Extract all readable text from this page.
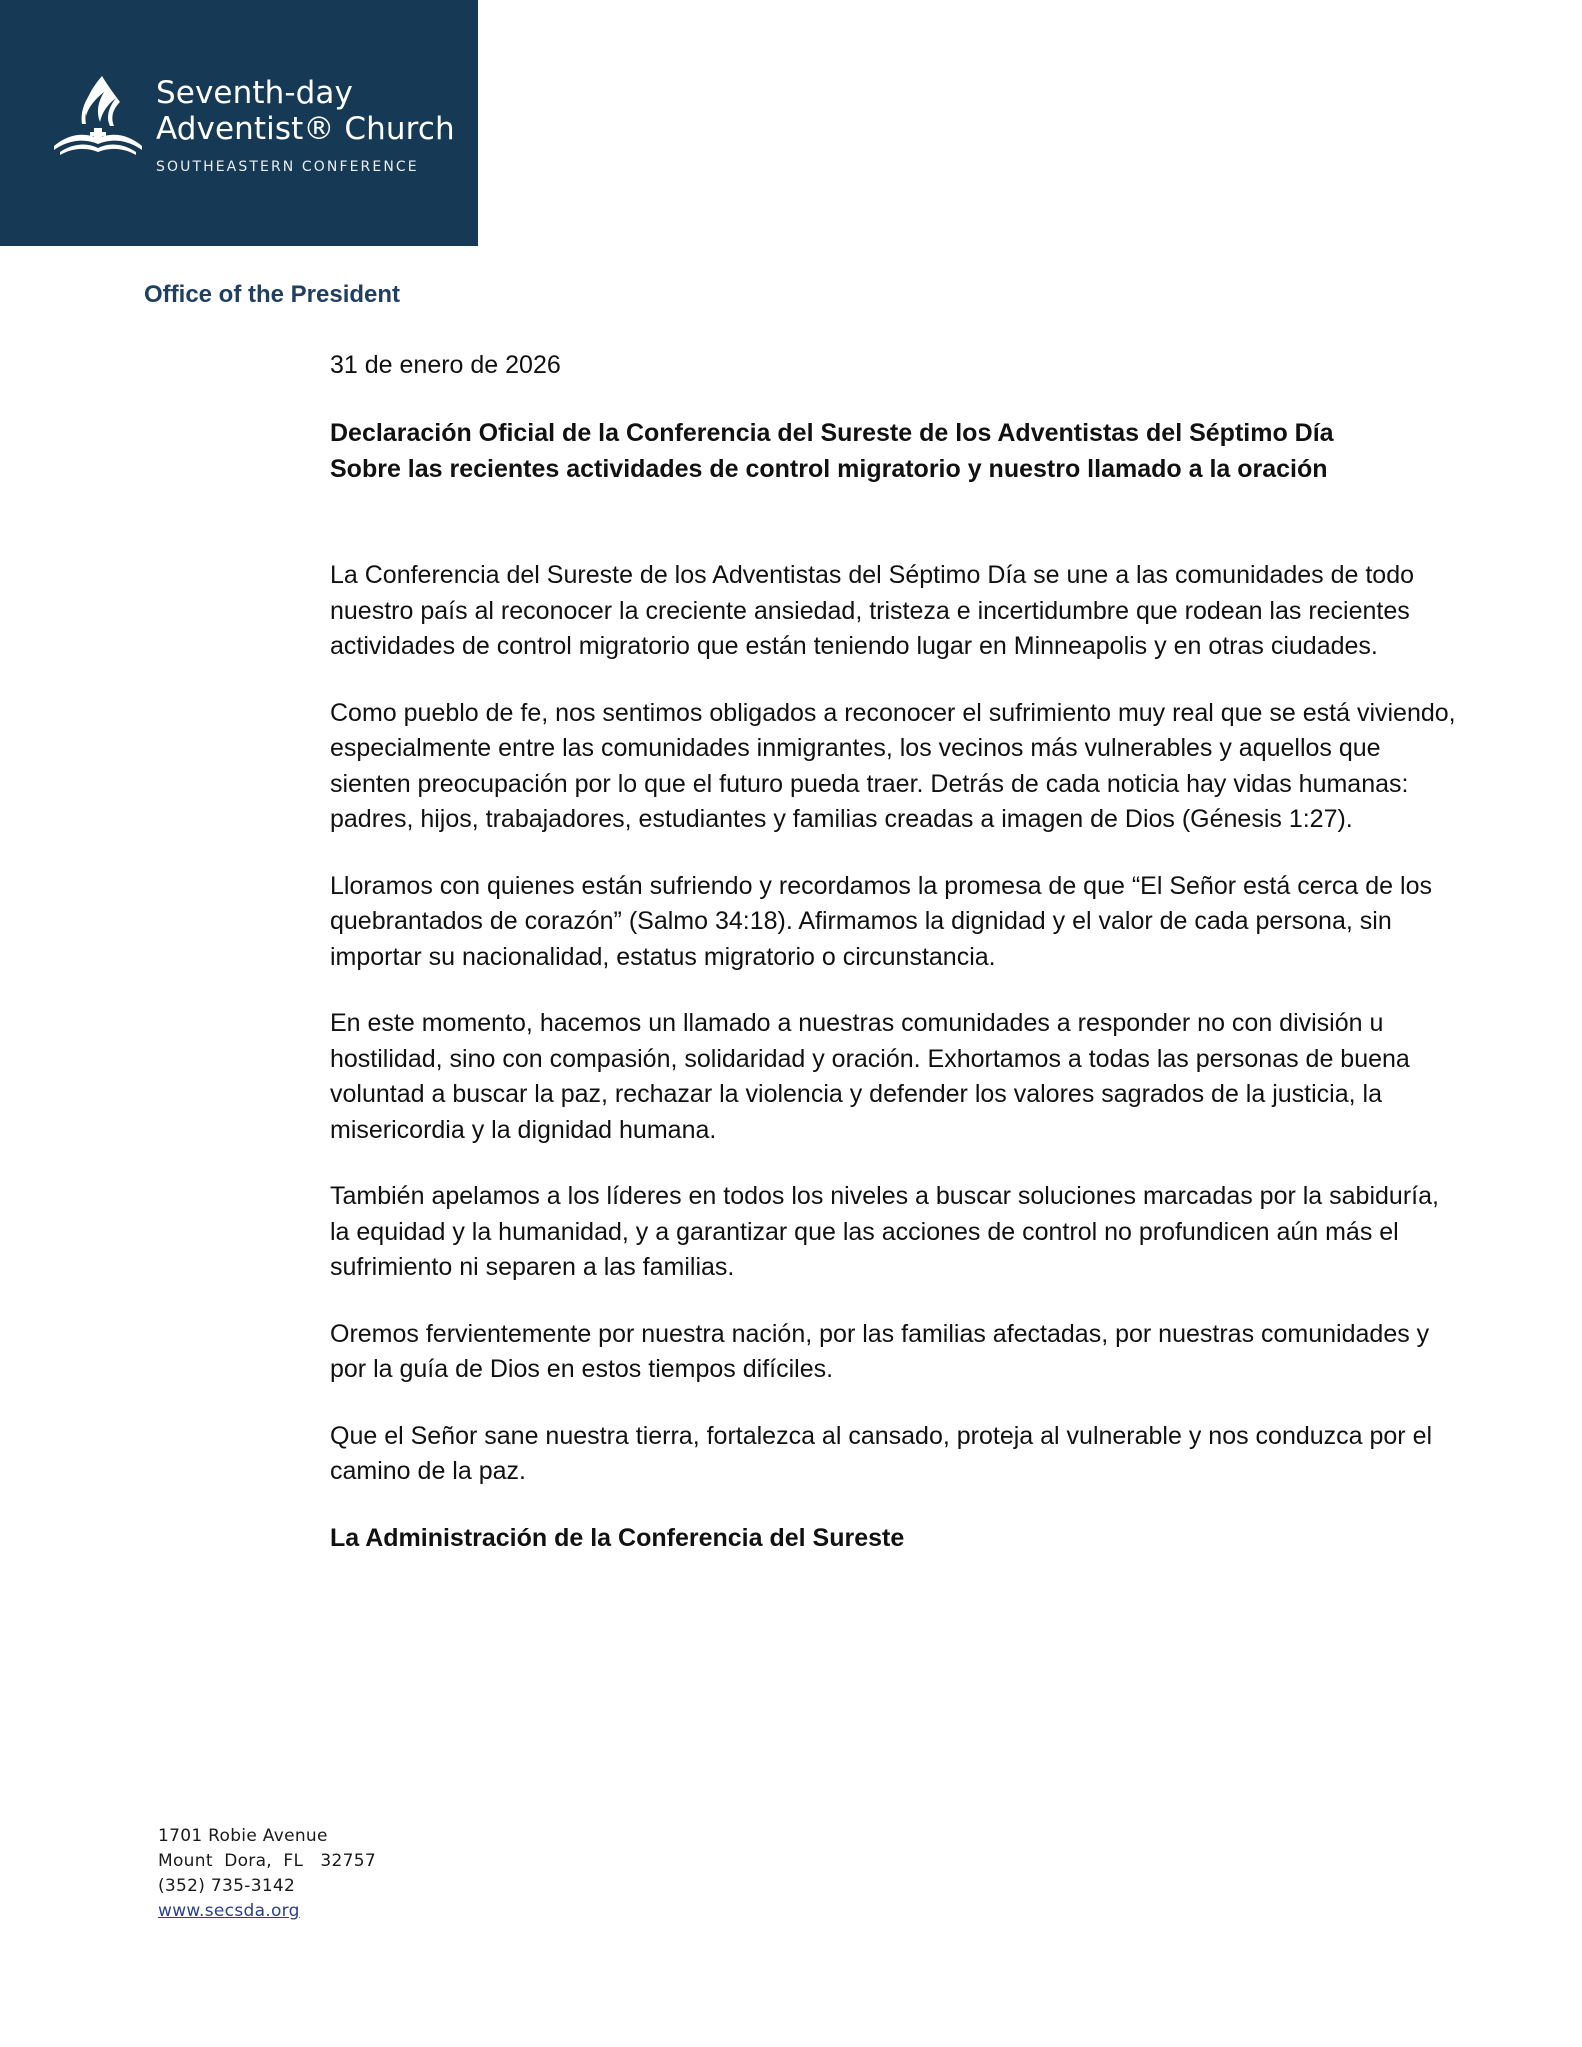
Seventh-day
Adventist® Church
SOUTHEASTERN CONFERENCE
Office of the President
31 de enero de 2026
Declaración Oficial de la Conferencia del Sureste de los Adventistas del Séptimo Día
Sobre las recientes actividades de control migratorio y nuestro llamado a la oración

La Conferencia del Sureste de los Adventistas del Séptimo Día se une a las comunidades de todo nuestro país al reconocer la creciente ansiedad, tristeza e incertidumbre que rodean las recientes actividades de control migratorio que están teniendo lugar en Minneapolis y en otras ciudades.

Como pueblo de fe, nos sentimos obligados a reconocer el sufrimiento muy real que se está viviendo, especialmente entre las comunidades inmigrantes, los vecinos más vulnerables y aquellos que sienten preocupación por lo que el futuro pueda traer. Detrás de cada noticia hay vidas humanas: padres, hijos, trabajadores, estudiantes y familias creadas a imagen de Dios (Génesis 1:27).

Lloramos con quienes están sufriendo y recordamos la promesa de que “El Señor está cerca de los quebrantados de corazón” (Salmo 34:18). Afirmamos la dignidad y el valor de cada persona, sin importar su nacionalidad, estatus migratorio o circunstancia.

En este momento, hacemos un llamado a nuestras comunidades a responder no con división u hostilidad, sino con compasión, solidaridad y oración. Exhortamos a todas las personas de buena voluntad a buscar la paz, rechazar la violencia y defender los valores sagrados de la justicia, la misericordia y la dignidad humana.

También apelamos a los líderes en todos los niveles a buscar soluciones marcadas por la sabiduría, la equidad y la humanidad, y a garantizar que las acciones de control no profundicen aún más el sufrimiento ni separen a las familias.

Oremos fervientemente por nuestra nación, por las familias afectadas, por nuestras comunidades y por la guía de Dios en estos tiempos difíciles.

Que el Señor sane nuestra tierra, fortalezca al cansado, proteja al vulnerable y nos conduzca por el camino de la paz.

La Administración de la Conferencia del Sureste

1701 Robie Avenue
Mount  Dora,  FL   32757
(352) 735-3142
www.secsda.org
